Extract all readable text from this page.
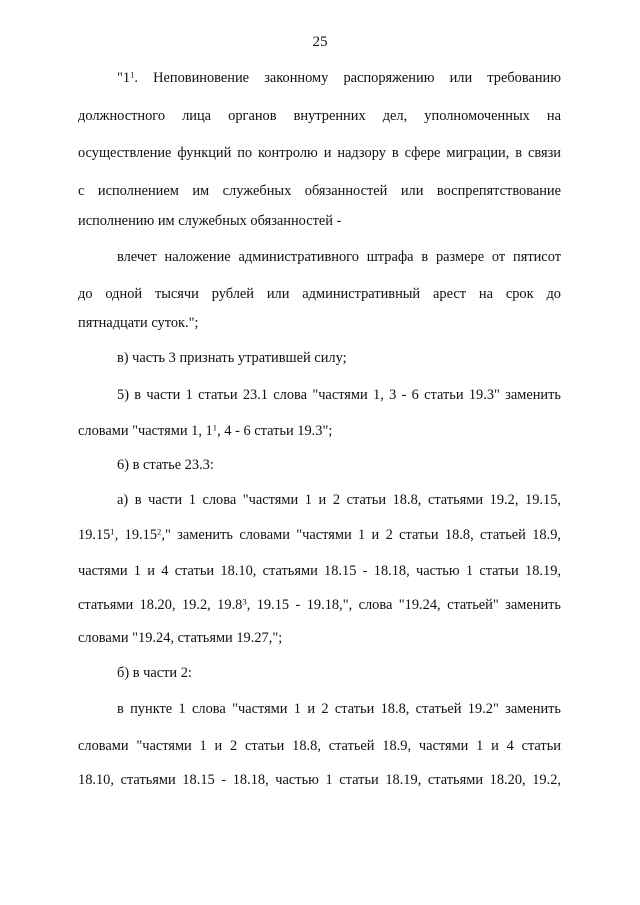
25
"$1^1$. Неповиновение законному распоряжению или требованию
должностного лица органов внутренних дел, уполномоченных на
осуществление функций по контролю и надзору в сфере миграции, в связи
с исполнением им служебных обязанностей или воспрепятствование
исполнению им служебных обязанностей -
влечет наложение административного штрафа в размере от пятисот
до одной тысячи рублей или административный арест на срок до
пятнадцати суток.";
в) часть 3 признать утратившей силу;
5) в части 1 статьи 23.1 слова "частями 1, 3 - 6 статьи 19.3" заменить
словами "частями 1, $1^1$, 4 - 6 статьи 19.3";
6) в статье 23.3:
а) в части 1 слова "частями 1 и 2 статьи 18.8, статьями 19.2, 19.15,
19.15$^1$, 19.15$^2$," заменить словами "частями 1 и 2 статьи 18.8, статьей 18.9,
частями 1 и 4 статьи 18.10, статьями 18.15 - 18.18, частью 1 статьи 18.19,
статьями 18.20, 19.2, 19.8$^3$, 19.15 - 19.18,", слова "19.24, статьей" заменить
словами "19.24, статьями 19.27,";
б) в части 2:
в пункте 1 слова "частями 1 и 2 статьи 18.8, статьей 19.2" заменить
словами "частями 1 и 2 статьи 18.8, статьей 18.9, частями 1 и 4 статьи
18.10, статьями 18.15 - 18.18, частью 1 статьи 18.19, статьями 18.20, 19.2,
